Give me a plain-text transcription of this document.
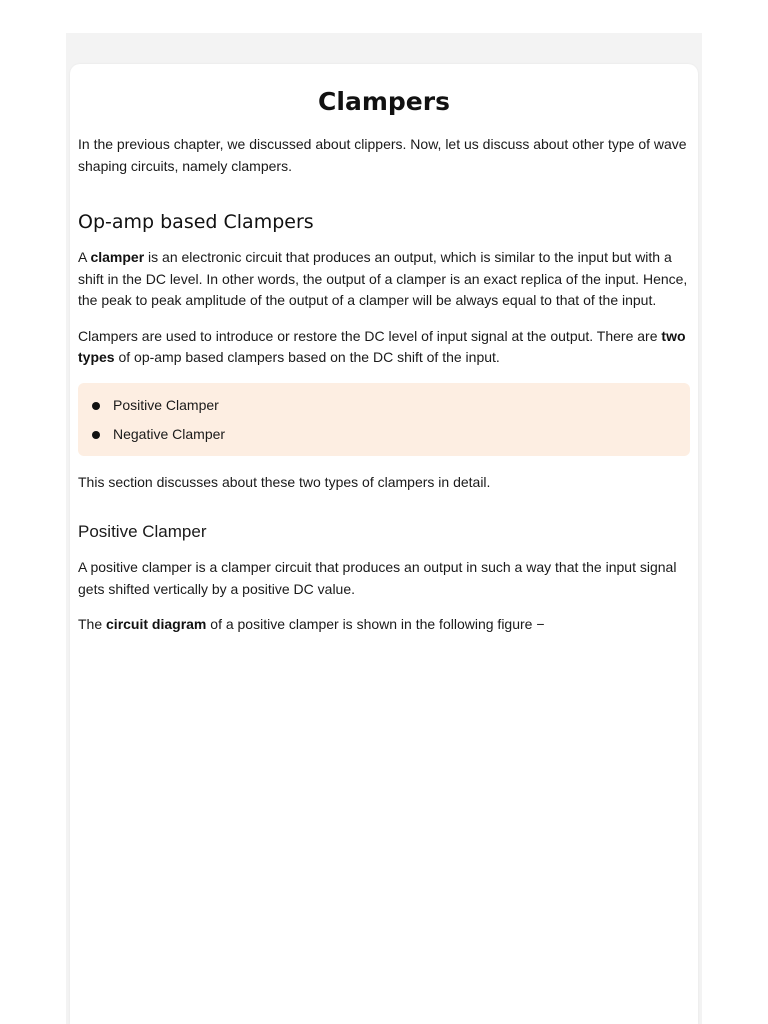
Clampers

In the previous chapter, we discussed about clippers. Now, let us discuss about other type of wave shaping circuits, namely clampers.

Op-amp based Clampers

A clamper is an electronic circuit that produces an output, which is similar to the input but with a shift in the DC level. In other words, the output of a clamper is an exact replica of the input. Hence, the peak to peak amplitude of the output of a clamper will be always equal to that of the input.

Clampers are used to introduce or restore the DC level of input signal at the output. There are two types of op-amp based clampers based on the DC shift of the input.

Positive Clamper
Negative Clamper

This section discusses about these two types of clampers in detail.

Positive Clamper

A positive clamper is a clamper circuit that produces an output in such a way that the input signal gets shifted vertically by a positive DC value.

The circuit diagram of a positive clamper is shown in the following figure −
